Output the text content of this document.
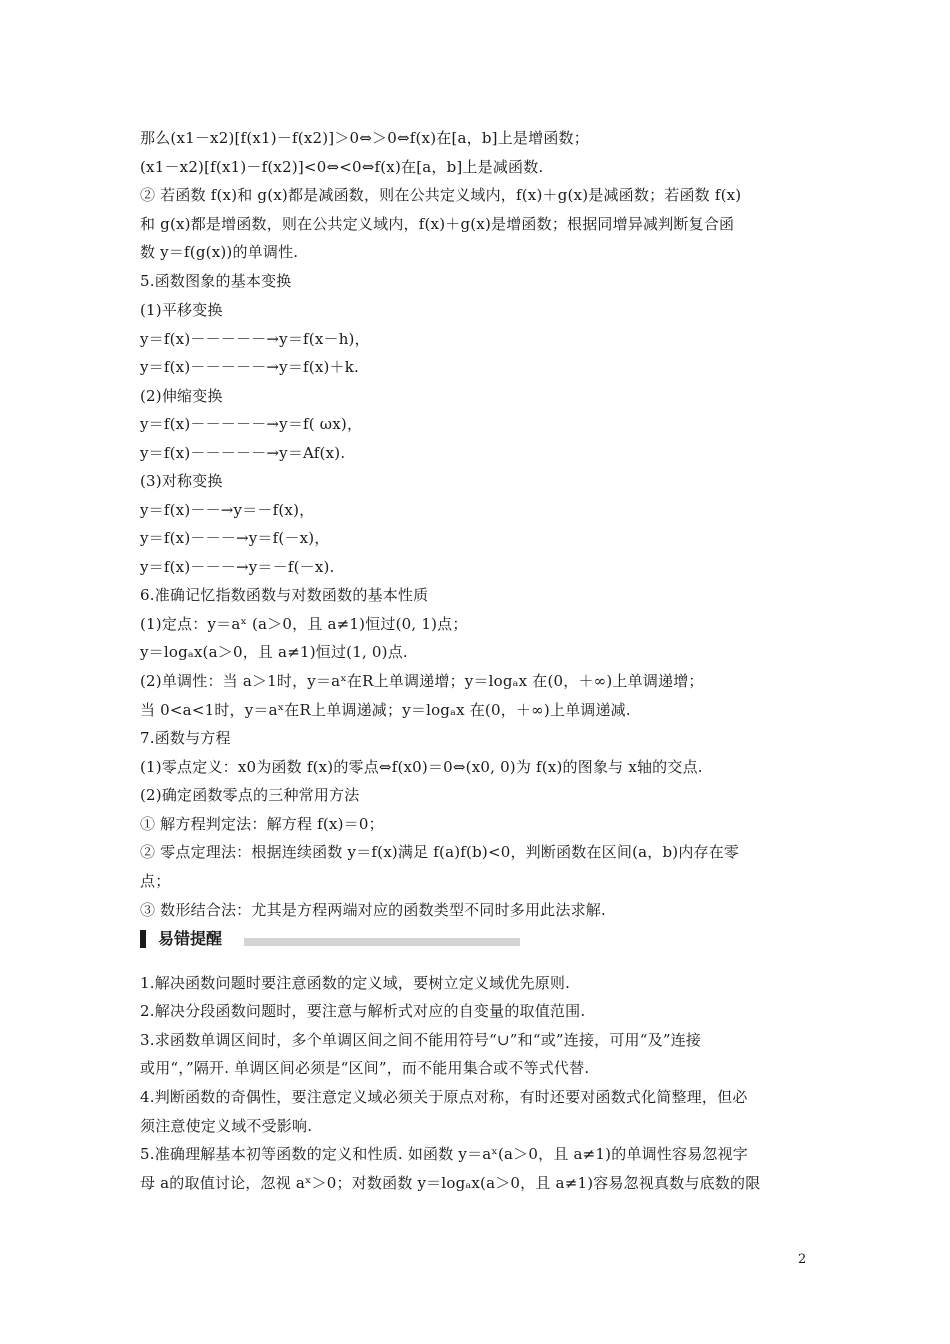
那么(x1－x2)[f(x1)－f(x2)]＞0⇔＞0⇔f(x)在[a，b]上是增函数；
(x1－x2)[f(x1)－f(x2)]<0⇔<0⇔f(x)在[a，b]上是减函数.
② 若函数 f(x)和 g(x)都是减函数，则在公共定义域内，f(x)＋g(x)是减函数；若函数 f(x)
和 g(x)都是增函数，则在公共定义域内，f(x)＋g(x)是增函数；根据同增异减判断复合函
数 y＝f(g(x))的单调性.
5.函数图象的基本变换
(1)平移变换
y＝f(x)－－－－－→y＝f(x－h)，
y＝f(x)－－－－－→y＝f(x)＋k.
(2)伸缩变换
y＝f(x)－－－－－→y＝f( ωx)，
y＝f(x)－－－－－→y＝Af(x).
(3)对称变换
y＝f(x)－－→y＝－f(x)，
y＝f(x)－－－→y＝f(－x)，
y＝f(x)－－－→y＝－f(－x).
6.准确记忆指数函数与对数函数的基本性质
(1)定点：y＝aˣ (a＞0，且 a≠1)恒过(0, 1)点；
y＝logₐx(a＞0，且 a≠1)恒过(1, 0)点.
(2)单调性：当 a＞1时，y＝aˣ在R上单调递增；y＝logₐx 在(0，＋∞)上单调递增；
当 0<a<1时，y＝aˣ在R上单调递减；y＝logₐx 在(0，＋∞)上单调递减.
7.函数与方程
(1)零点定义：x0为函数 f(x)的零点⇔f(x0)＝0⇔(x0, 0)为 f(x)的图象与 x轴的交点.
(2)确定函数零点的三种常用方法
① 解方程判定法：解方程 f(x)＝0；
② 零点定理法：根据连续函数 y＝f(x)满足 f(a)f(b)<0，判断函数在区间(a，b)内存在零
点；
③ 数形结合法：尤其是方程两端对应的函数类型不同时多用此法求解.
易错提醒
1.解决函数问题时要注意函数的定义域，要树立定义域优先原则.
2.解决分段函数问题时，要注意与解析式对应的自变量的取值范围.
3.求函数单调区间时，多个单调区间之间不能用符号“∪”和“或”连接，可用“及”连接
或用“，”隔开. 单调区间必须是“区间”，而不能用集合或不等式代替.
4.判断函数的奇偶性，要注意定义域必须关于原点对称，有时还要对函数式化简整理，但必
须注意使定义域不受影响.
5.准确理解基本初等函数的定义和性质. 如函数 y＝aˣ(a＞0，且 a≠1)的单调性容易忽视字
母 a的取值讨论，忽视 aˣ＞0；对数函数 y＝logₐx(a＞0，且 a≠1)容易忽视真数与底数的限
2
